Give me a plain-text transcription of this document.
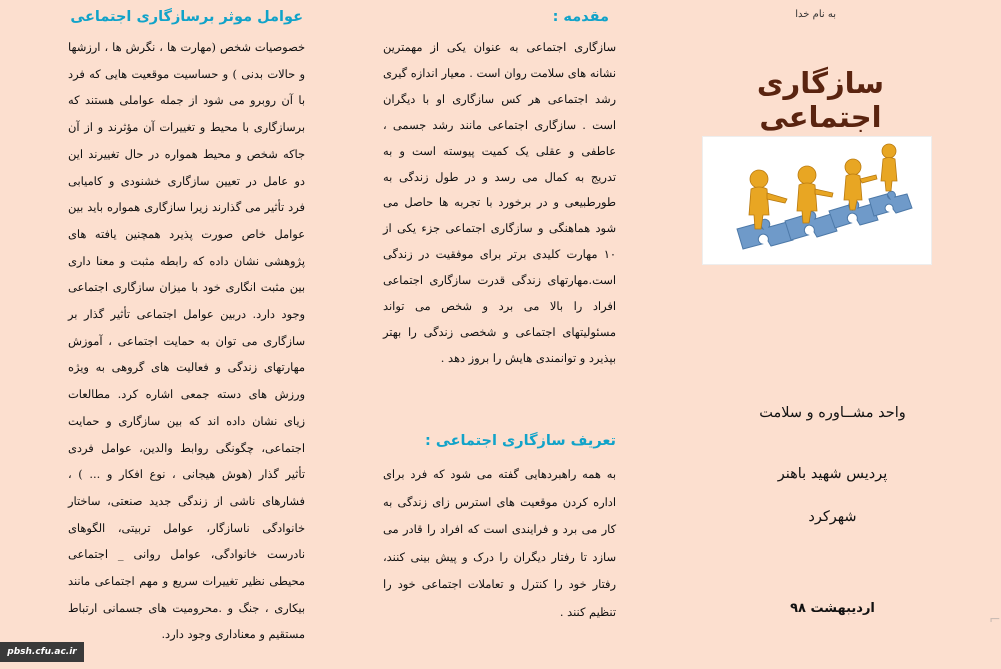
عوامل موثر برسازگاری اجتماعی

خصوصیات شخص (مهارت ها ، نگرش ها ، ارزشها و حالات بدنی ) و حساسیت موقعیت هایی که فرد با آن روبرو می شود از جمله عواملی هستند که برسازگاری با محیط و تغییرات آن مؤثرند و از آن جاکه شخص و محیط همواره در حال تغییرند این دو عامل در تعیین سازگاری خشنودی و کامیابی فرد تأثیر می گذارند زیرا سازگاری همواره باید بین عوامل خاص صورت پذیرد همچنین یافته های پژوهشی نشان داده که رابطه مثبت و معنا داری بین مثبت انگاری خود با میزان سازگاری اجتماعی وجود دارد. دربین عوامل اجتماعی تأثیر گذار بر سازگاری می توان به حمایت اجتماعی ، آموزش مهارتهای زندگی و فعالیت های گروهی به ویژه ورزش های دسته جمعی اشاره کرد. مطالعات زیای نشان داده اند که بین سازگاری و حمایت اجتماعی، چگونگی روابط والدین، عوامل فردی تأثیر گذار (هوش هیجانی ، نوع افکار و ... ) ، فشارهای ناشی از زندگی جدید صنعتی، ساختار خانوادگی ناسازگار، عوامل تربیتی، الگوهای نادرست خانوادگی، عوامل روانی _ اجتماعی محیطی نظیر تغییرات سریع و مهم اجتماعی مانند بیکاری ، جنگ و .محرومیت های جسمانی ارتباط مستقیم و معناداری وجود دارد.

مقدمه :

سازگاری اجتماعی به عنوان یکی از مهمترین نشانه های سلامت روان است . معیار اندازه گیری رشد اجتماعی هر کس سازگاری او با دیگران است . سازگاری اجتماعی مانند رشد جسمی ، عاطفی و عقلی یک کمیت پیوسته است و به تدریج به کمال می رسد و در طول زندگی به طورطبیعی و در برخورد با تجربه ها حاصل می شود هماهنگی و سازگاری اجتماعی جزء یکی از ۱۰ مهارت کلیدی برتر برای موفقیت در زندگی است.مهارتهای زندگی قدرت سازگاری اجتماعی افراد را بالا می برد و شخص می تواند مسئولیتهای اجتماعی و شخصی زندگی را بهتر بپذیرد و توانمندی هایش را بروز دهد .

تعریف سازگاری اجتماعی :

به همه راهبردهایی گفته می شود که فرد برای اداره کردن موقعیت های استرس زای زندگی به کار می برد و فرایندی است که افراد را قادر می سازد تا رفتار دیگران را درک و پیش بینی کنند، رفتار خود را کنترل و تعاملات اجتماعی خود را تنظیم کنند .

به نام خدا
سازگاری اجتماعی
واحد مشــاوره و سلامت
پردیس شهید باهنر
شهرکرد
اردیبهشت ۹۸
pbsh.cfu.ac.ir
⌐
